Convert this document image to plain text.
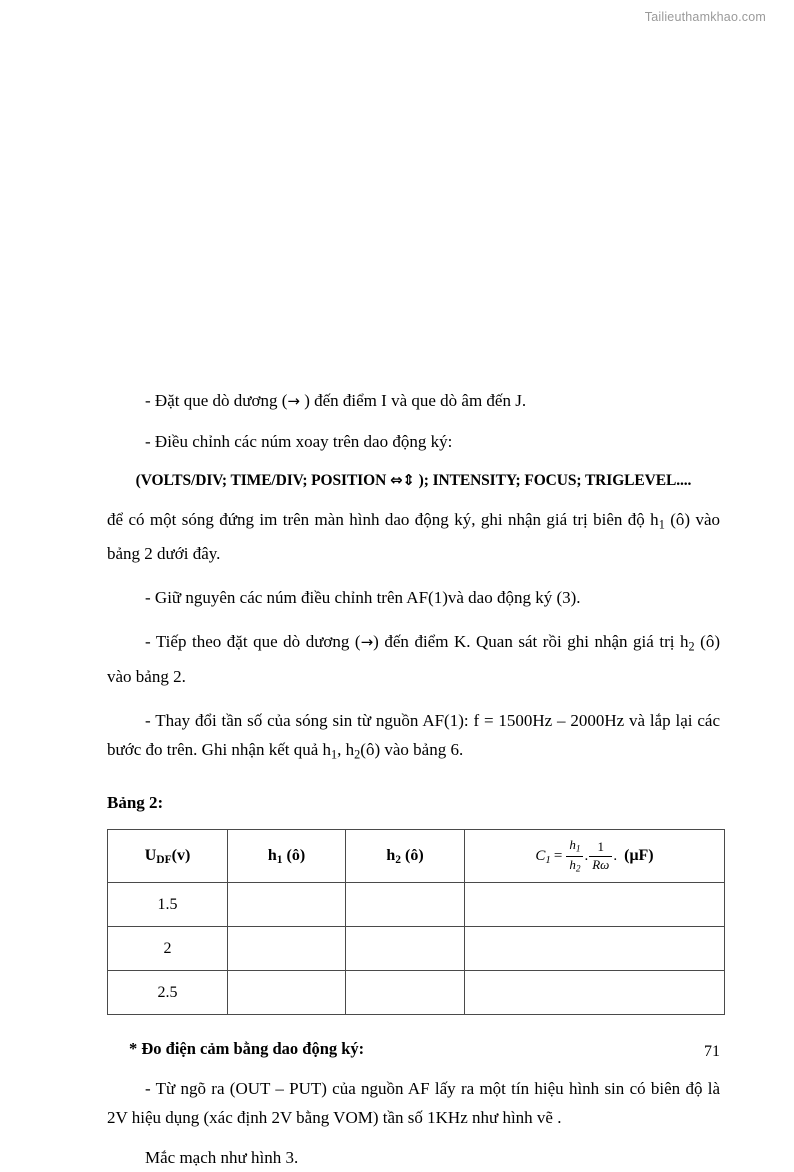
Tailieuthamkhao.com

- Đặt que dò dương (→ ) đến điểm I và que dò âm đến J.

- Điều chỉnh các núm xoay trên dao động ký:

(VOLTS/DIV; TIME/DIV; POSITION ⇔⇕ ); INTENSITY; FOCUS; TRIGLEVEL....

để có một sóng đứng im trên màn hình dao động ký, ghi nhận giá trị biên độ $h_1$ (ô) vào bảng 2 dưới đây.

- Giữ nguyên các núm điều chỉnh trên AF(1)và dao động ký (3).

- Tiếp theo đặt que dò dương (→) đến điểm K. Quan sát rồi ghi nhận giá trị $h_2$ (ô) vào bảng 2.

- Thay đổi tần số của sóng sin từ nguồn AF(1): f = 1500Hz – 2000Hz và lắp lại các bước đo trên. Ghi nhận kết quả $h_1$, $h_2(ô)$ vào bảng 6.

Bảng 2:

$U_{DF}(v)$	$h_1$ (ô)	$h_2$ (ô)	$C_1 = \frac{h_1}{h_2}$ . $\frac{1}{R\omega}$ . (μF)
1.5			
2			
2.5			

* Đo điện cảm bằng dao động ký:

- Từ ngõ ra (OUT – PUT) của nguồn AF lấy ra một tín hiệu hình sin có biên độ là 2V hiệu dụng (xác định 2V bằng VOM) tần số 1KHz như hình vẽ .

Mắc mạch như hình 3.

71
